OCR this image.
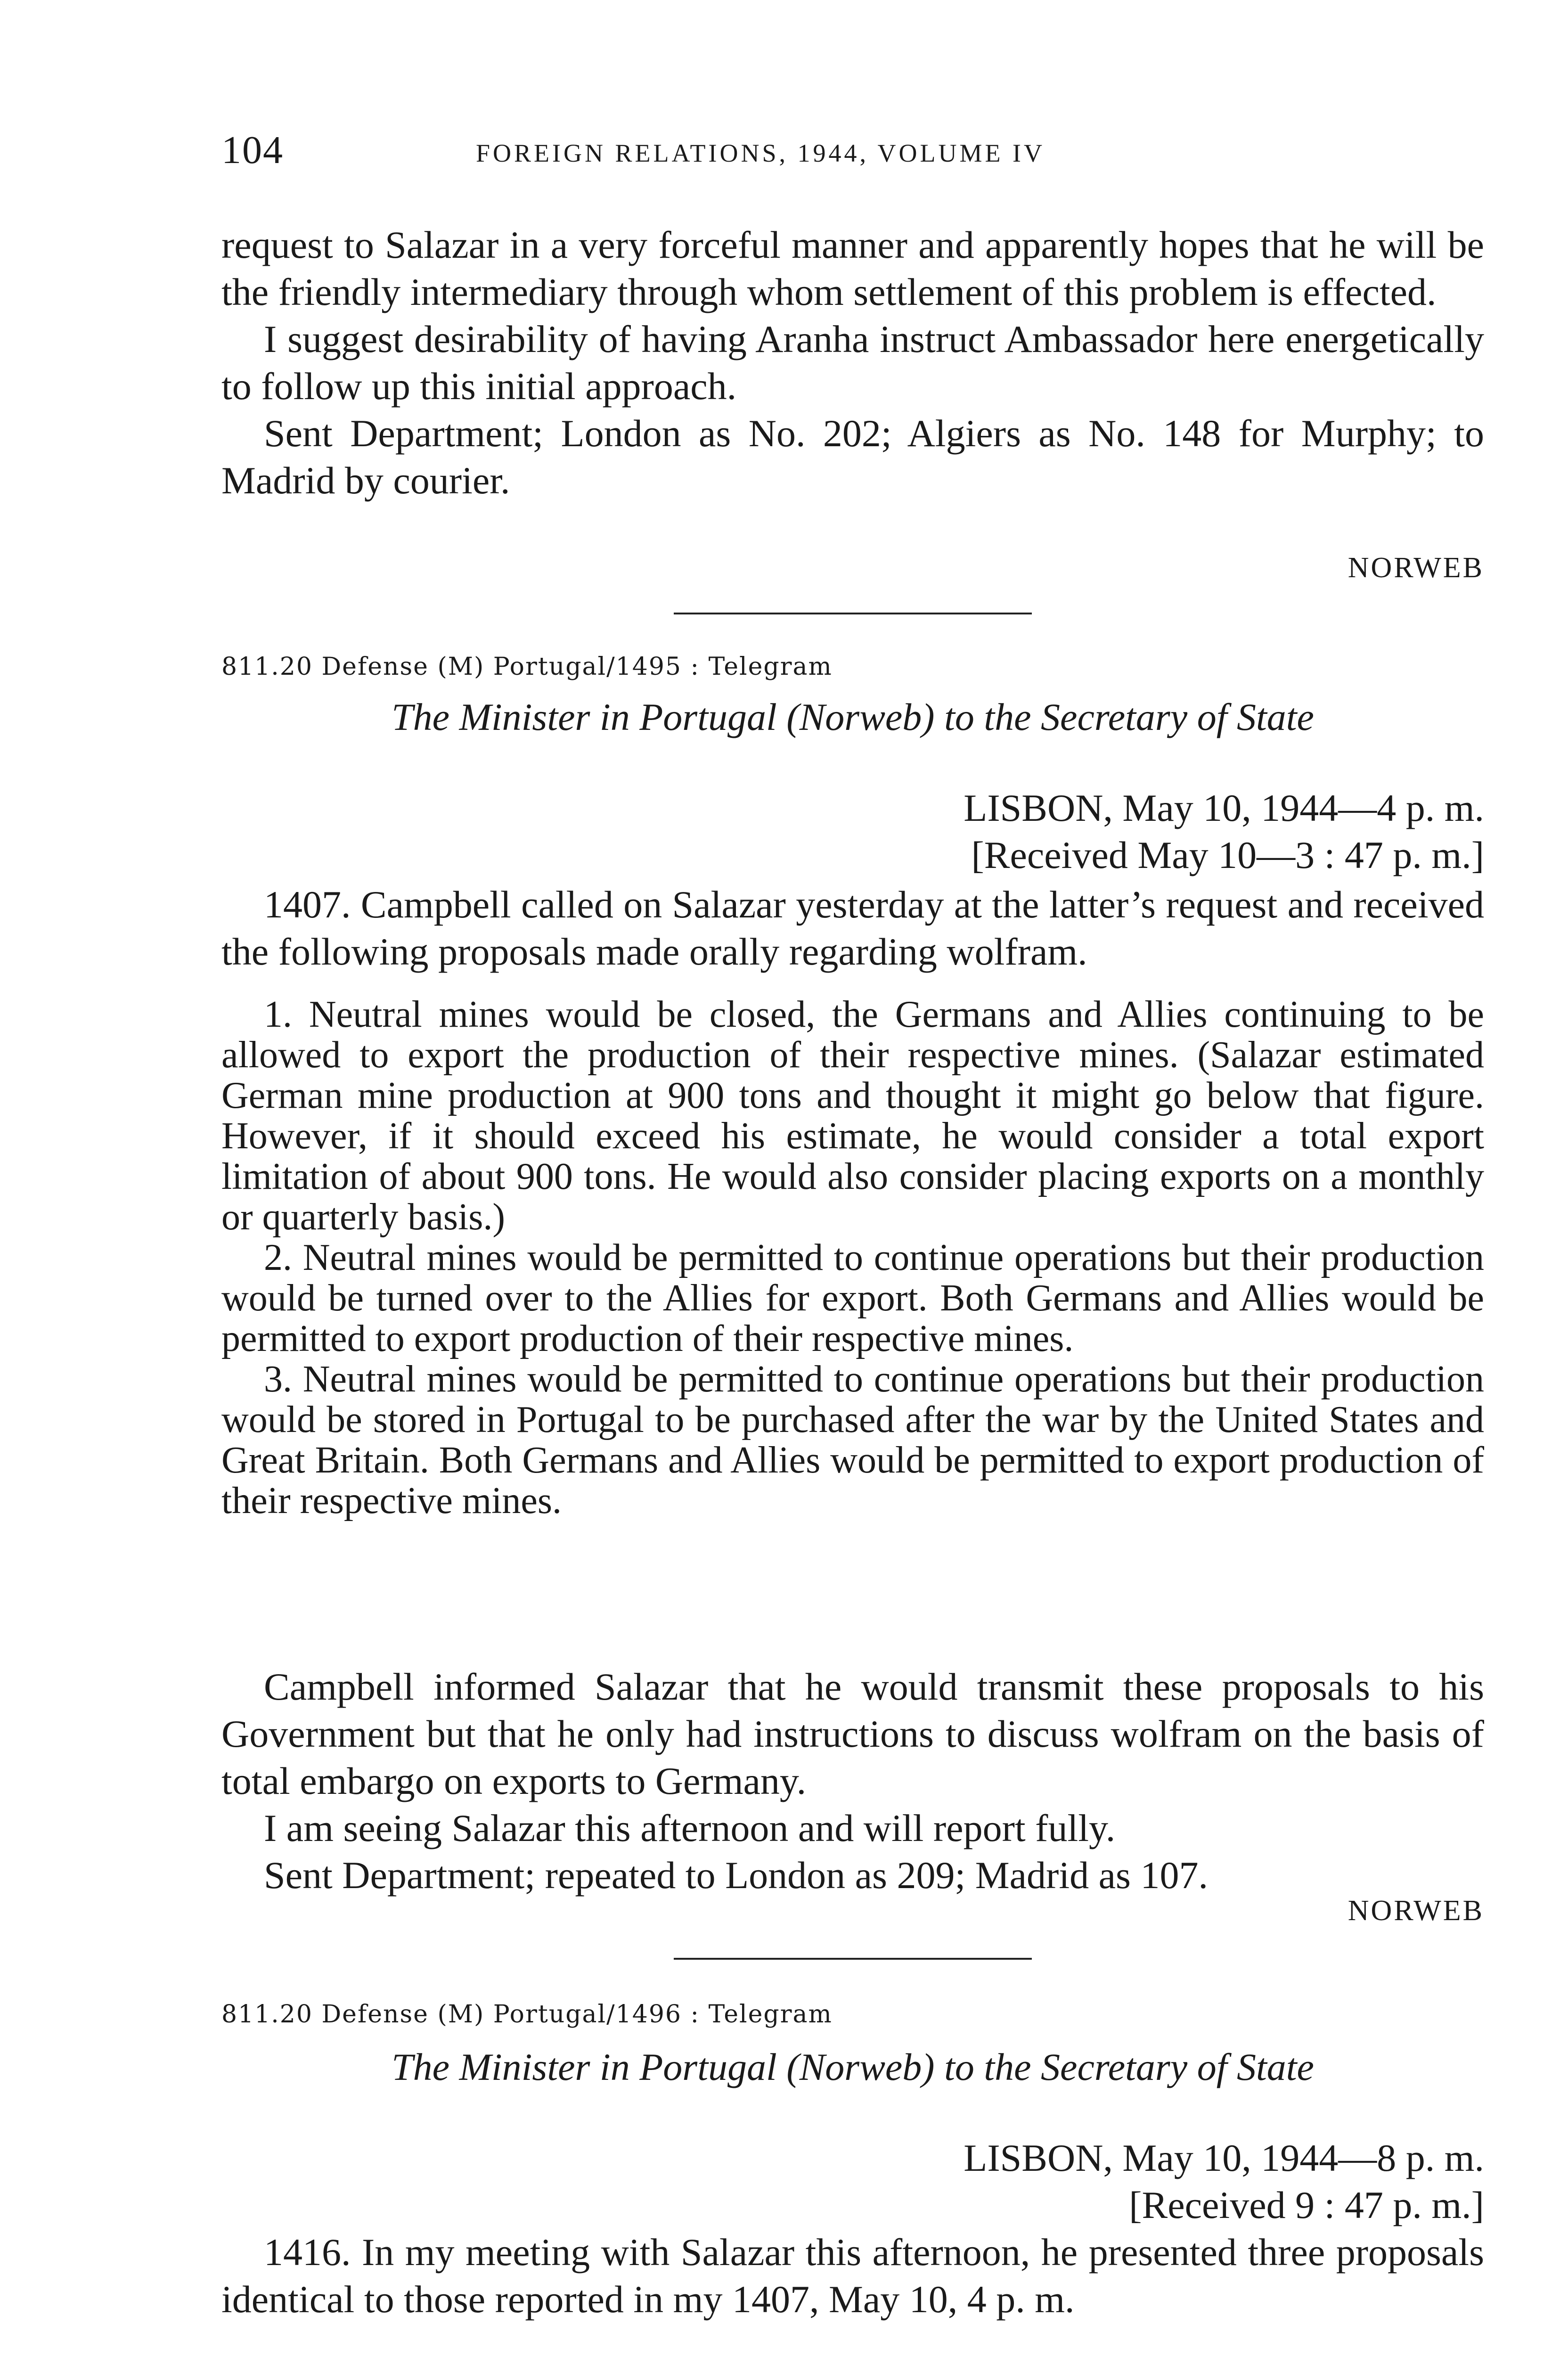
104	FOREIGN RELATIONS, 1944, VOLUME IV

request to Salazar in a very forceful manner and apparently hopes that he will be the friendly intermediary through whom settlement of this problem is effected.

I suggest desirability of having Aranha instruct Ambassador here energetically to follow up this initial approach.

Sent Department; London as No. 202; Algiers as No. 148 for Murphy; to Madrid by courier.

NORWEB
811.20 Defense (M) Portugal/1495 : Telegram
The Minister in Portugal (Norweb) to the Secretary of State
LISBON, May 10, 1944—4 p. m.
[Received May 10—3 : 47 p. m.]

1407. Campbell called on Salazar yesterday at the latter’s request and received the following proposals made orally regarding wolfram.

1. Neutral mines would be closed, the Germans and Allies continuing to be allowed to export the production of their respective mines. (Salazar estimated German mine production at 900 tons and thought it might go below that figure. However, if it should exceed his estimate, he would consider a total export limitation of about 900 tons. He would also consider placing exports on a monthly or quarterly basis.)

2. Neutral mines would be permitted to continue operations but their production would be turned over to the Allies for export. Both Germans and Allies would be permitted to export production of their respective mines.

3. Neutral mines would be permitted to continue operations but their production would be stored in Portugal to be purchased after the war by the United States and Great Britain. Both Germans and Allies would be permitted to export production of their respective mines.

Campbell informed Salazar that he would transmit these proposals to his Government but that he only had instructions to discuss wolfram on the basis of total embargo on exports to Germany.

I am seeing Salazar this afternoon and will report fully.

Sent Department; repeated to London as 209; Madrid as 107.

NORWEB
811.20 Defense (M) Portugal/1496 : Telegram
The Minister in Portugal (Norweb) to the Secretary of State
LISBON, May 10, 1944—8 p. m.
[Received 9 : 47 p. m.]

1416. In my meeting with Salazar this afternoon, he presented three proposals identical to those reported in my 1407, May 10, 4 p. m.
